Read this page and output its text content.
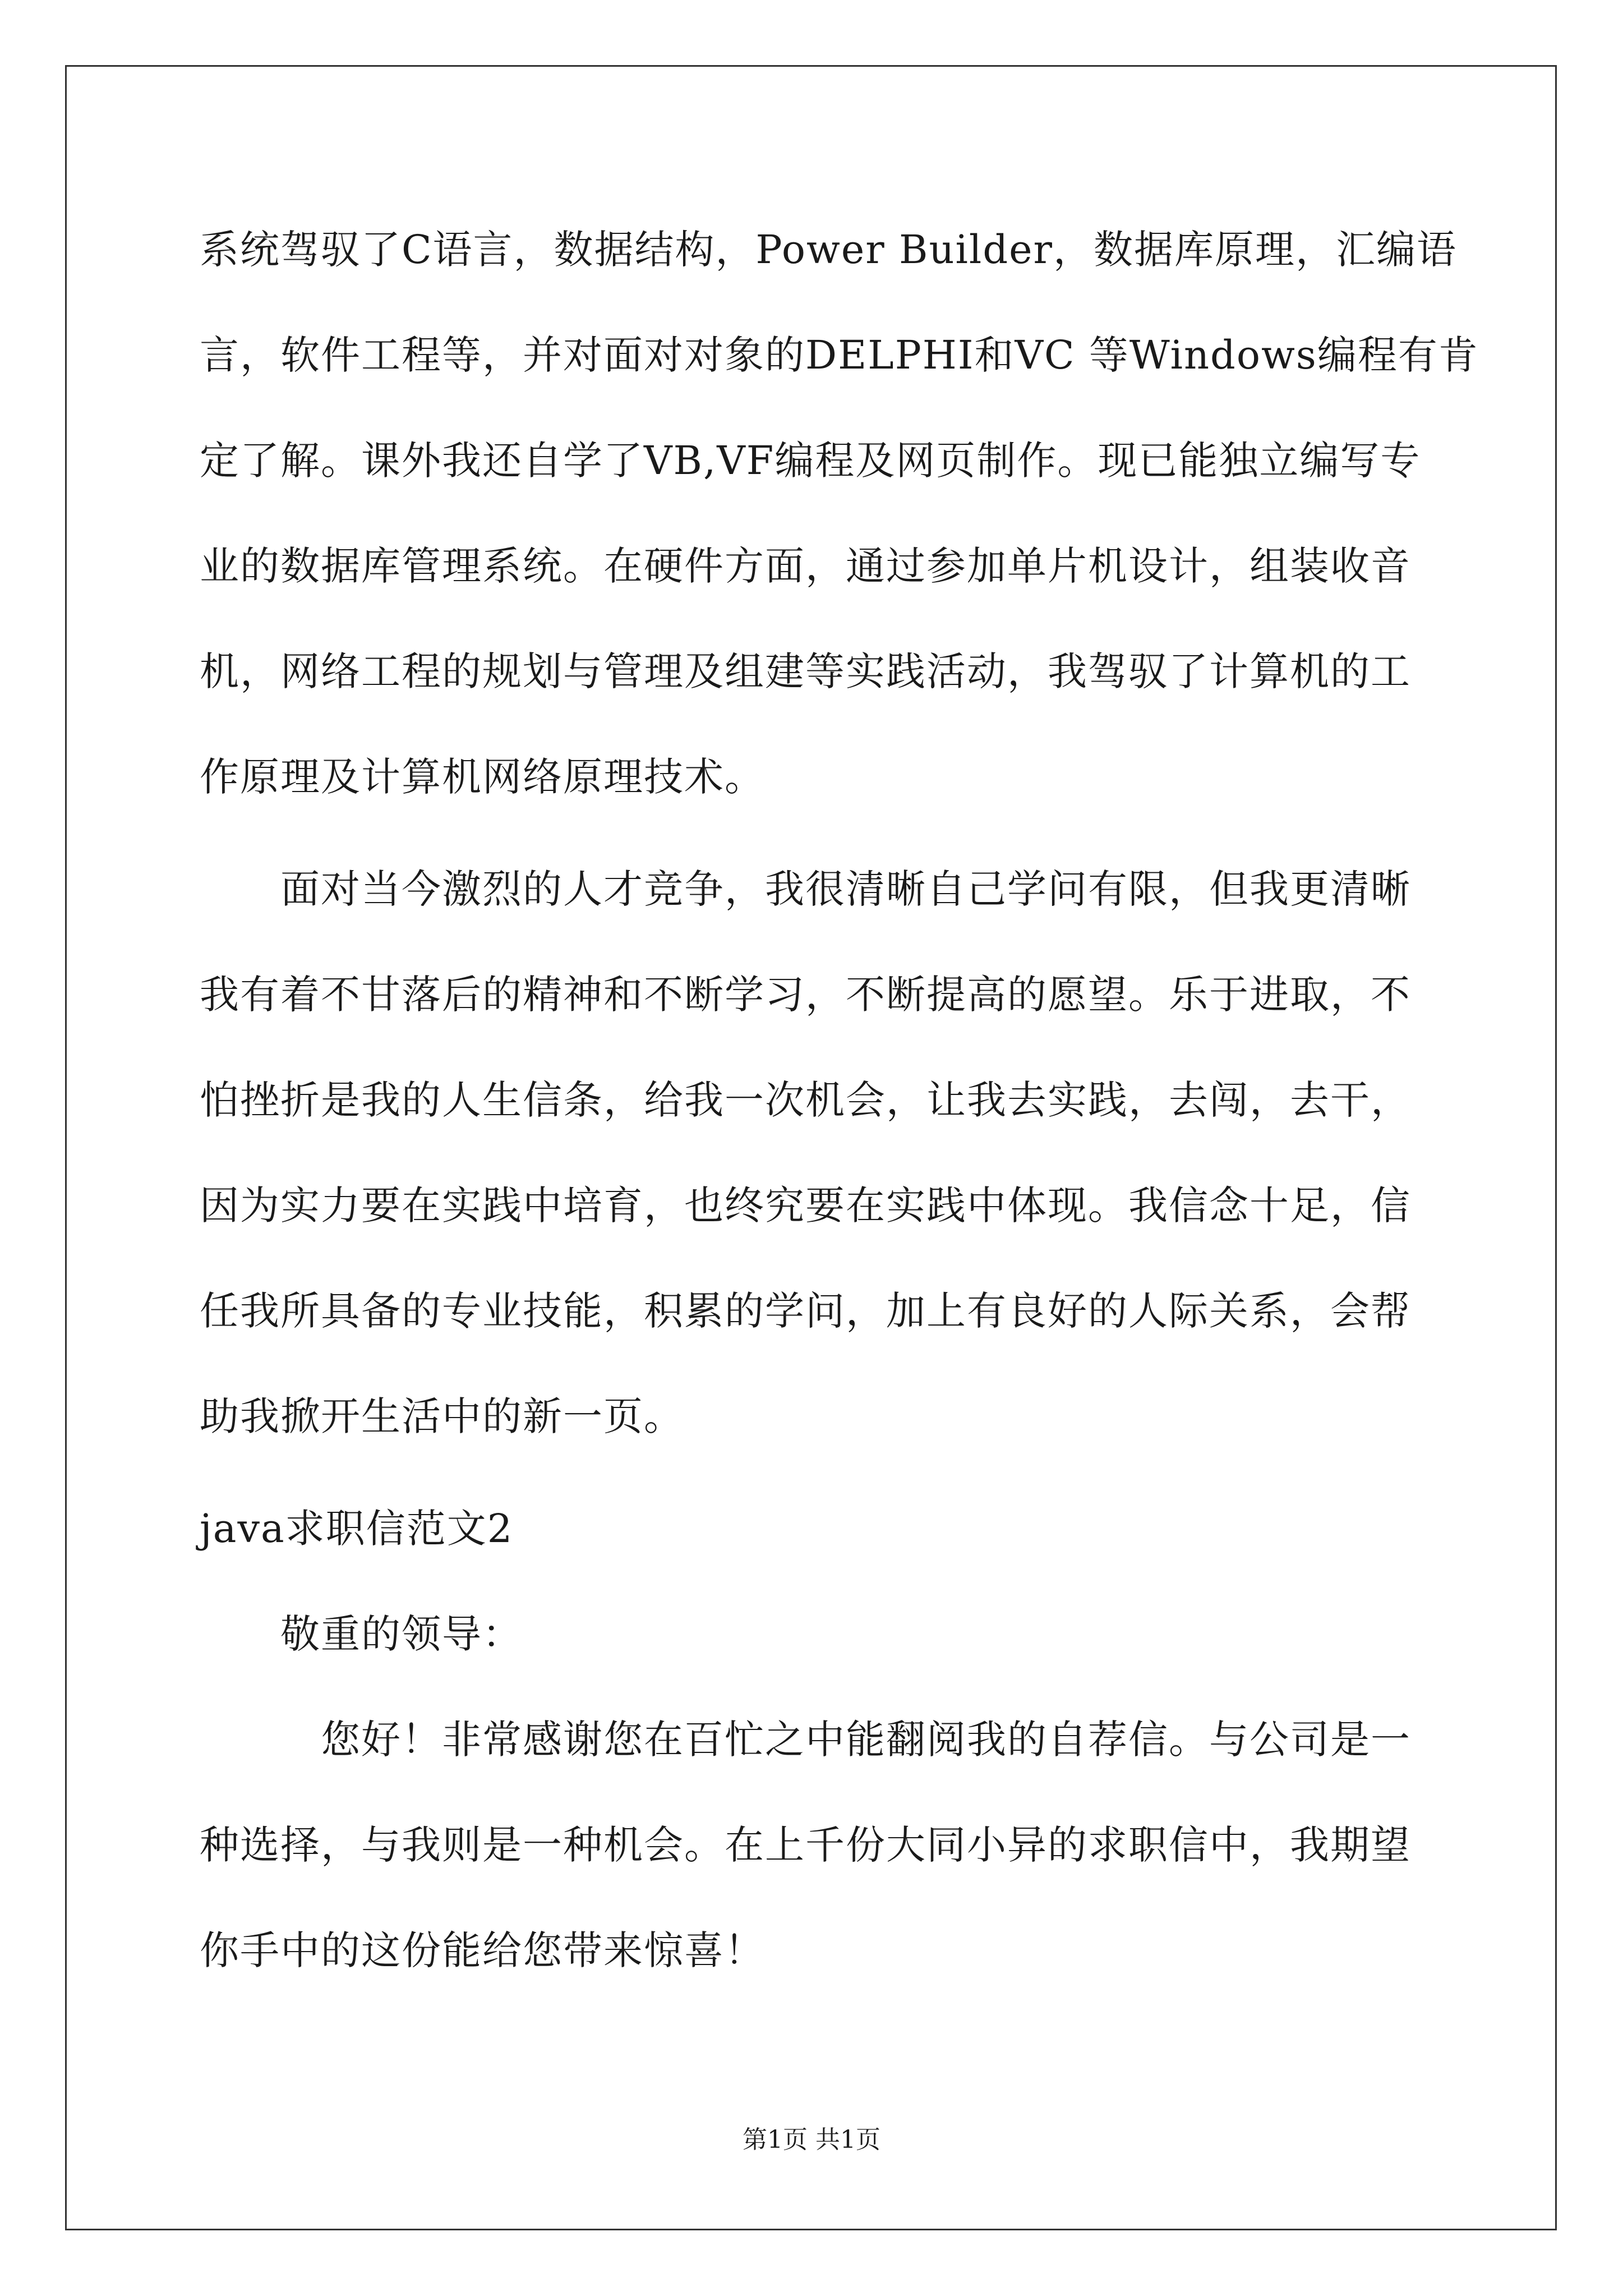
系统驾驭了C语言，数据结构，Power Builder，数据库原理，汇编语
言，软件工程等，并对面对对象的DELPHI和VC 等Windows编程有肯
定了解。课外我还自学了VB,VF编程及网页制作。现已能独立编写专
业的数据库管理系统。在硬件方面，通过参加单片机设计，组装收音
机，网络工程的规划与管理及组建等实践活动，我驾驭了计算机的工
作原理及计算机网络原理技术。
面对当今激烈的人才竞争，我很清晰自己学问有限，但我更清晰
我有着不甘落后的精神和不断学习，不断提高的愿望。乐于进取，不
怕挫折是我的人生信条，给我一次机会，让我去实践，去闯，去干，
因为实力要在实践中培育，也终究要在实践中体现。我信念十足，信
任我所具备的专业技能，积累的学问，加上有良好的人际关系，会帮
助我掀开生活中的新一页。
java求职信范文2
敬重的领导：
您好！非常感谢您在百忙之中能翻阅我的自荐信。与公司是一
种选择，与我则是一种机会。在上千份大同小异的求职信中，我期望
你手中的这份能给您带来惊喜！
第1页 共1页
